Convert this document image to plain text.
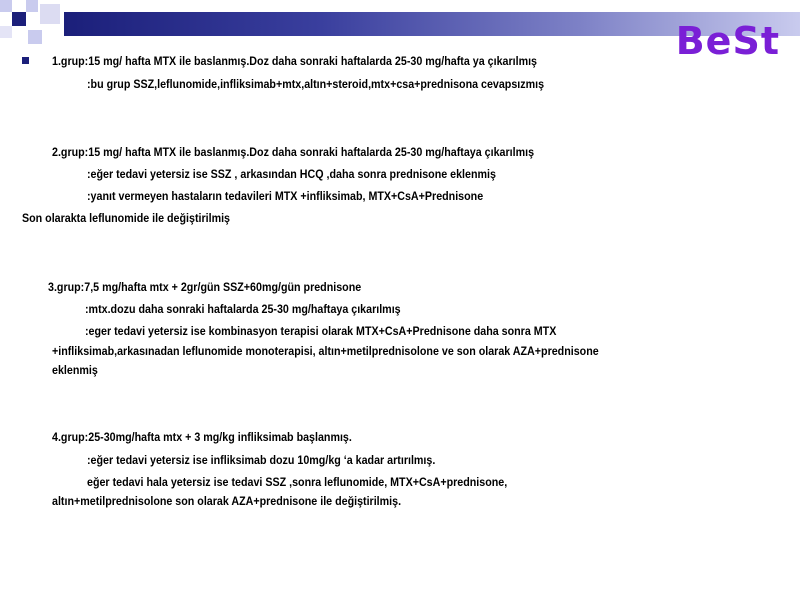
BeSt
1.grup:15 mg/ hafta MTX ile baslanmış.Doz daha sonraki haftalarda 25-30 mg/hafta ya çıkarılmış
:bu grup SSZ,leflunomide,infliksimab+mtx,altın+steroid,mtx+csa+prednisona cevapsızmış
2.grup:15 mg/ hafta MTX ile baslanmış.Doz daha sonraki haftalarda 25-30 mg/haftaya çıkarılmış
:eğer tedavi yetersiz ise SSZ , arkasından HCQ ,daha sonra prednisone eklenmiş
:yanıt vermeyen hastaların tedavileri MTX +infliksimab, MTX+CsA+Prednisone
Son olarakta leflunomide ile değiştirilmiş
3.grup:7,5 mg/hafta mtx + 2gr/gün SSZ+60mg/gün prednisone
:mtx.dozu daha sonraki haftalarda 25-30 mg/haftaya çıkarılmış
:eger tedavi yetersiz ise kombinasyon terapisi olarak MTX+CsA+Prednisone daha sonra MTX
+infliksimab,arkasınadan leflunomide monoterapisi, altın+metilprednisolone ve son olarak AZA+prednisone
eklenmiş
4.grup:25-30mg/hafta mtx + 3 mg/kg infliksimab başlanmış.
:eğer tedavi yetersiz ise infliksimab dozu 10mg/kg ‘a kadar artırılmış.
eğer tedavi hala yetersiz ise tedavi SSZ ,sonra leflunomide, MTX+CsA+prednisone,
altın+metilprednisolone son olarak AZA+prednisone ile değiştirilmiş.
